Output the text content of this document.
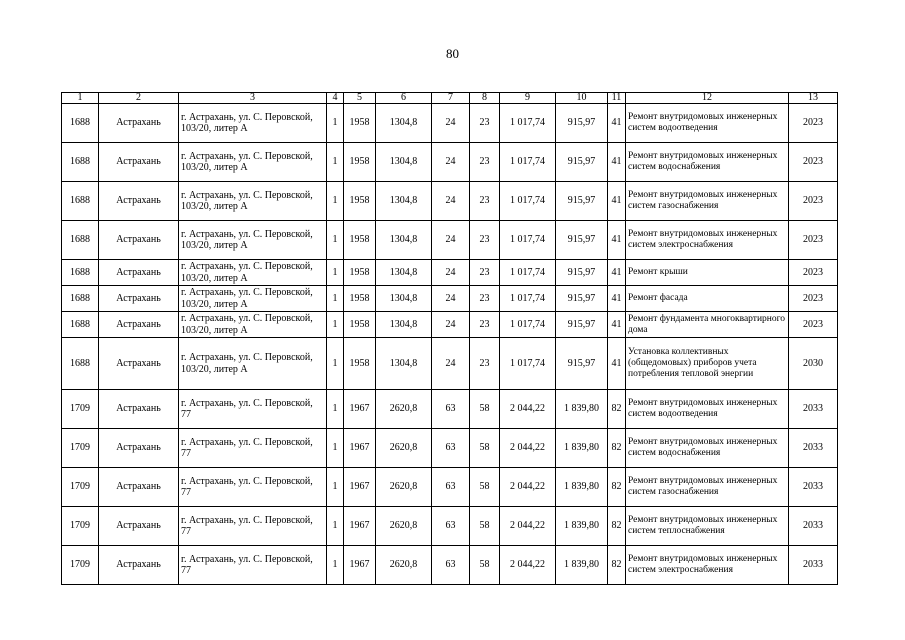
80
1	2	3	4	5	6	7	8	9	10	11	12	13
1688	Астрахань	г. Астрахань, ул. С. Перовской, 103/20, литер А	1	1958	1304,8	24	23	1 017,74	915,97	41	Ремонт внутридомовых инженерных систем водоотведения	2023
1688	Астрахань	г. Астрахань, ул. С. Перовской, 103/20, литер А	1	1958	1304,8	24	23	1 017,74	915,97	41	Ремонт внутридомовых инженерных систем водоснабжения	2023
1688	Астрахань	г. Астрахань, ул. С. Перовской, 103/20, литер А	1	1958	1304,8	24	23	1 017,74	915,97	41	Ремонт внутридомовых инженерных систем газоснабжения	2023
1688	Астрахань	г. Астрахань, ул. С. Перовской, 103/20, литер А	1	1958	1304,8	24	23	1 017,74	915,97	41	Ремонт внутридомовых инженерных систем электроснабжения	2023
1688	Астрахань	г. Астрахань, ул. С. Перовской, 103/20, литер А	1	1958	1304,8	24	23	1 017,74	915,97	41	Ремонт крыши	2023
1688	Астрахань	г. Астрахань, ул. С. Перовской, 103/20, литер А	1	1958	1304,8	24	23	1 017,74	915,97	41	Ремонт фасада	2023
1688	Астрахань	г. Астрахань, ул. С. Перовской, 103/20, литер А	1	1958	1304,8	24	23	1 017,74	915,97	41	Ремонт фундамента многоквартирного дома	2023
1688	Астрахань	г. Астрахань, ул. С. Перовской, 103/20, литер А	1	1958	1304,8	24	23	1 017,74	915,97	41	Установка коллективных (общедомовых) приборов учета потребления тепловой энергии	2030
1709	Астрахань	г. Астрахань, ул. С. Перовской, 77	1	1967	2620,8	63	58	2 044,22	1 839,80	82	Ремонт внутридомовых инженерных систем водоотведения	2033
1709	Астрахань	г. Астрахань, ул. С. Перовской, 77	1	1967	2620,8	63	58	2 044,22	1 839,80	82	Ремонт внутридомовых инженерных систем водоснабжения	2033
1709	Астрахань	г. Астрахань, ул. С. Перовской, 77	1	1967	2620,8	63	58	2 044,22	1 839,80	82	Ремонт внутридомовых инженерных систем газоснабжения	2033
1709	Астрахань	г. Астрахань, ул. С. Перовской, 77	1	1967	2620,8	63	58	2 044,22	1 839,80	82	Ремонт внутридомовых инженерных систем теплоснабжения	2033
1709	Астрахань	г. Астрахань, ул. С. Перовской, 77	1	1967	2620,8	63	58	2 044,22	1 839,80	82	Ремонт внутридомовых инженерных систем электроснабжения	2033
